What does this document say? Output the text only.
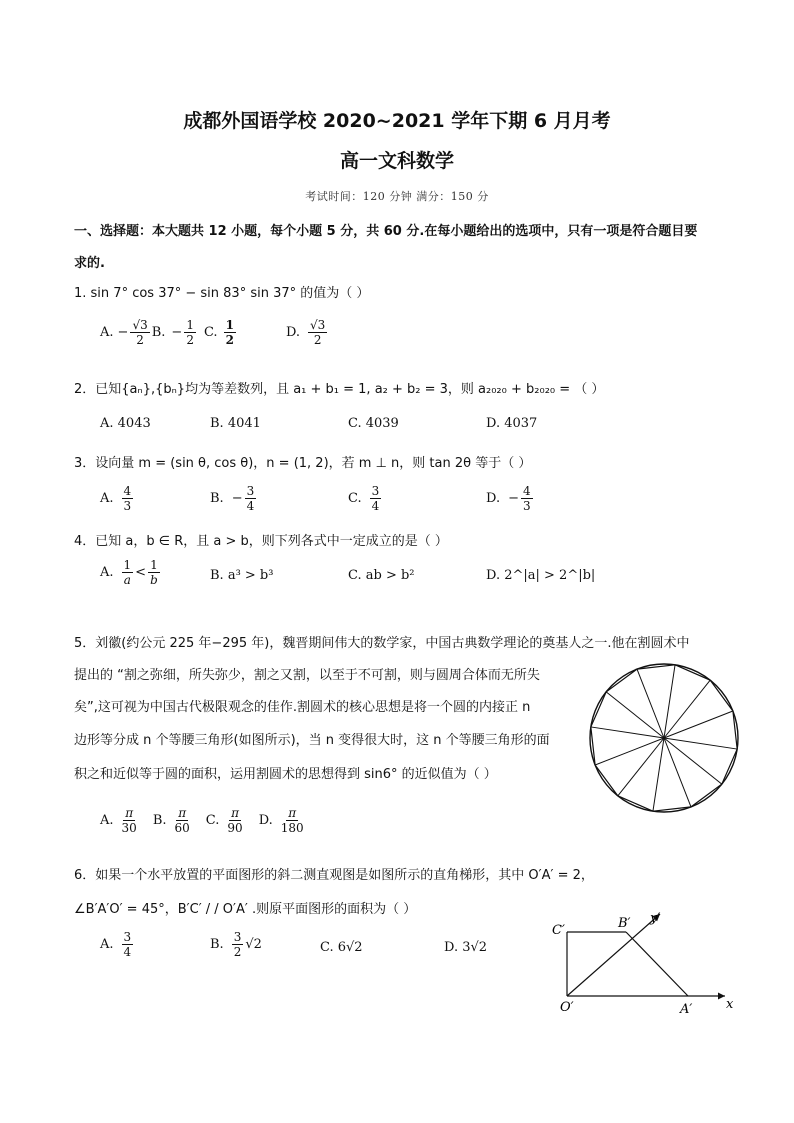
成都外国语学校 2020~2021 学年下期 6 月月考
高一文科数学
考试时间：120 分钟 满分：150 分
一、选择题：本大题共 12 小题，每个小题 5 分，共 60 分.在每小题给出的选项中，只有一项是符合题目要
求的.
1. sin 7° cos 37° − sin 83° sin 37° 的值为（ ）
A. − $\frac{√3}{2} B$. − $\frac{1}{2} C$. $\frac{1}{2}$	D. $\frac{√3}{2}$
2．已知{aₙ},{bₙ}均为等差数列，且 a₁ + b₁ = 1, a₂ + b₂ = 3，则 a₂₀₂₀ + b₂₀₂₀ = （ ）
A. 4043	B. 4041	C. 4039	D. 4037
3．设向量 m = (sin θ, cos θ)，n = (1, 2)，若 m ⊥ n，则 tan 2θ 等于（ ）
A. $\frac{4}{3}$	B. − $\frac{3}{4}$	C. $\frac{3}{4}$	D. − $\frac{4}{3}$
4．已知 a，b ∈ R，且 a > b，则下列各式中一定成立的是（ ）
A. $\frac{1}{a} < \frac{1}{b}$	B. a³ > b³	C. ab > b²	D. 2^|a| > 2^|b|
5．刘徽(约公元 225 年−295 年)，魏晋期间伟大的数学家，中国古典数学理论的奠基人之一.他在割圆术中
提出的 “割之弥细，所失弥少，割之又割，以至于不可割，则与圆周合体而无所失
矣”,这可视为中国古代极限观念的佳作.割圆术的核心思想是将一个圆的内接正 n
边形等分成 n 个等腰三角形(如图所示)，当 n 变得很大时，这 n 个等腰三角形的面
积之和近似等于圆的面积，运用割圆术的思想得到 sin6° 的近似值为（ ）
A. $\frac{\pi}{30} B$. $\frac{\pi}{60} C$. $\frac{\pi}{90} D$. $\frac{\pi}{180}$
6．如果一个水平放置的平面图形的斜二测直观图是如图所示的直角梯形，其中 O′A′ = 2，
∠B′A′O′ = 45°，B′C′ / / O′A′ .则原平面图形的面积为（ ）
A. $\frac{3}{4}$	B. $\frac{3}{2} √2$	C. 6√2	D. 3√2
C′	B′ y′
O′	A′	x
